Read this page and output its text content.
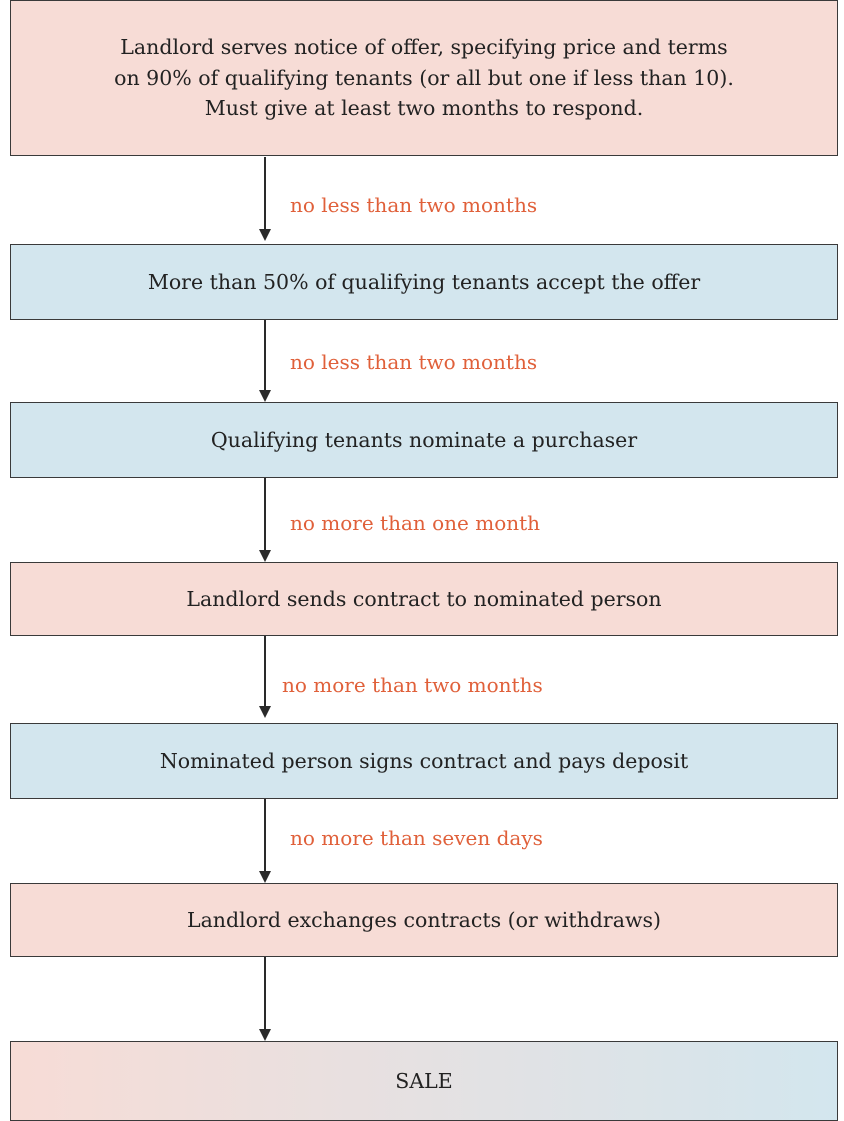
Landlord serves notice of offer, specifying price and terms
on 90% of qualifying tenants (or all but one if less than 10).
Must give at least two months to respond.
no less than two months
More than 50% of qualifying tenants accept the offer
no less than two months
Qualifying tenants nominate a purchaser
no more than one month
Landlord sends contract to nominated person
no more than two months
Nominated person signs contract and pays deposit
no more than seven days
Landlord exchanges contracts (or withdraws)
SALE
